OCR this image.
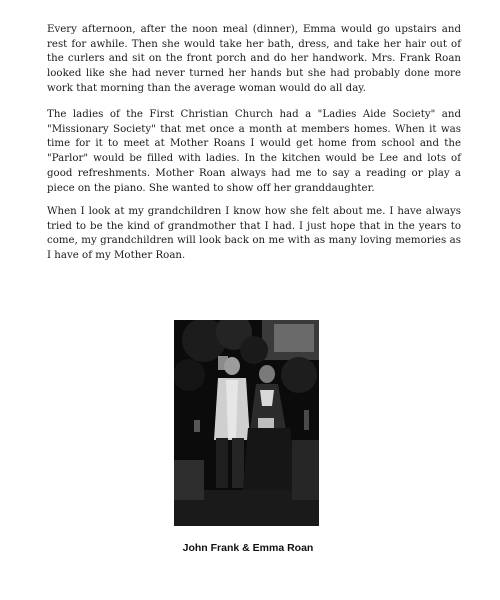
Every afternoon, after the noon meal (dinner), Emma would go upstairs and rest for awhile. Then she would take her bath, dress, and take her hair out of the curlers and sit on the front porch and do her handwork. Mrs. Frank Roan looked like she had never turned her hands but she had probably done more work that morning than the average woman would do all day.

The ladies of the First Christian Church had a "Ladies Aide Society" and "Missionary Society" that met once a month at members homes. When it was time for it to meet at Mother Roans I would get home from school and the "Parlor" would be filled with ladies. In the kitchen would be Lee and lots of good refreshments. Mother Roan always had me to say a reading or play a piece on the piano. She wanted to show off her granddaughter.

When I look at my grandchildren I know how she felt about me. I have always tried to be the kind of grandmother that I had. I just hope that in the years to come, my grandchildren will look back on me with as many loving memories as I have of my Mother Roan.

John Frank & Emma Roan
